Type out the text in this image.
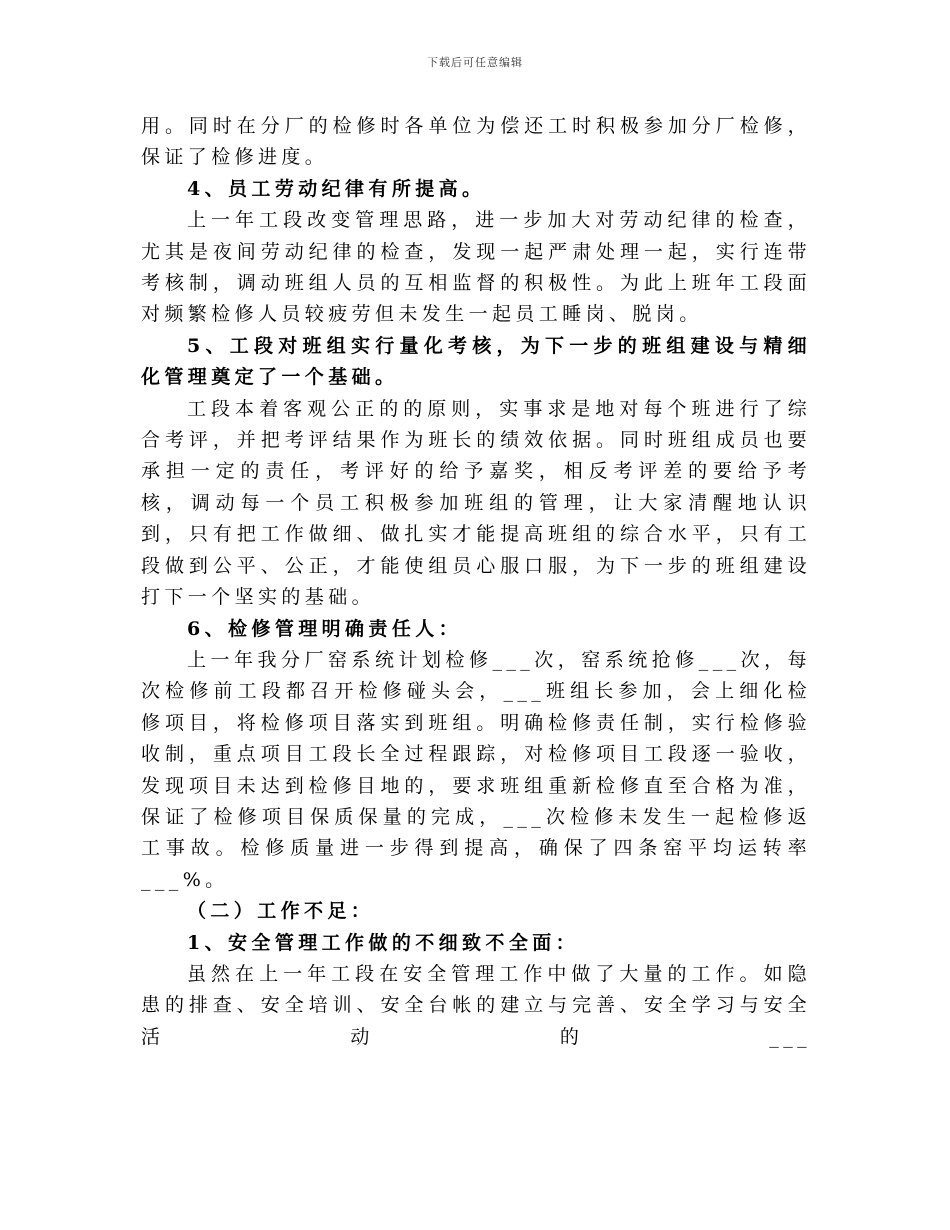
下载后可任意编辑

用。同时在分厂的检修时各单位为偿还工时积极参加分厂检修，保证了检修进度。

4、员工劳动纪律有所提高。

上一年工段改变管理思路，进一步加大对劳动纪律的检查，尤其是夜间劳动纪律的检查，发现一起严肃处理一起，实行连带考核制，调动班组人员的互相监督的积极性。为此上班年工段面对频繁检修人员较疲劳但未发生一起员工睡岗、脱岗。

5、工段对班组实行量化考核，为下一步的班组建设与精细化管理奠定了一个基础。

工段本着客观公正的的原则，实事求是地对每个班进行了综合考评，并把考评结果作为班长的绩效依据。同时班组成员也要承担一定的责任，考评好的给予嘉奖，相反考评差的要给予考核，调动每一个员工积极参加班组的管理，让大家清醒地认识到，只有把工作做细、做扎实才能提高班组的综合水平，只有工段做到公平、公正，才能使组员心服口服，为下一步的班组建设打下一个坚实的基础。

6、检修管理明确责任人：

上一年我分厂窑系统计划检修___次，窑系统抢修___次，每次检修前工段都召开检修碰头会，___班组长参加，会上细化检修项目，将检修项目落实到班组。明确检修责任制，实行检修验收制，重点项目工段长全过程跟踪，对检修项目工段逐一验收，发现项目未达到检修目地的，要求班组重新检修直至合格为准，保证了检修项目保质保量的完成，___次检修未发生一起检修返工事故。检修质量进一步得到提高，确保了四条窑平均运转率___%。

（二）工作不足：

1、安全管理工作做的不细致不全面：

虽然在上一年工段在安全管理工作中做了大量的工作。如隐患的排查、安全培训、安全台帐的建立与完善、安全学习与安全活动的___
